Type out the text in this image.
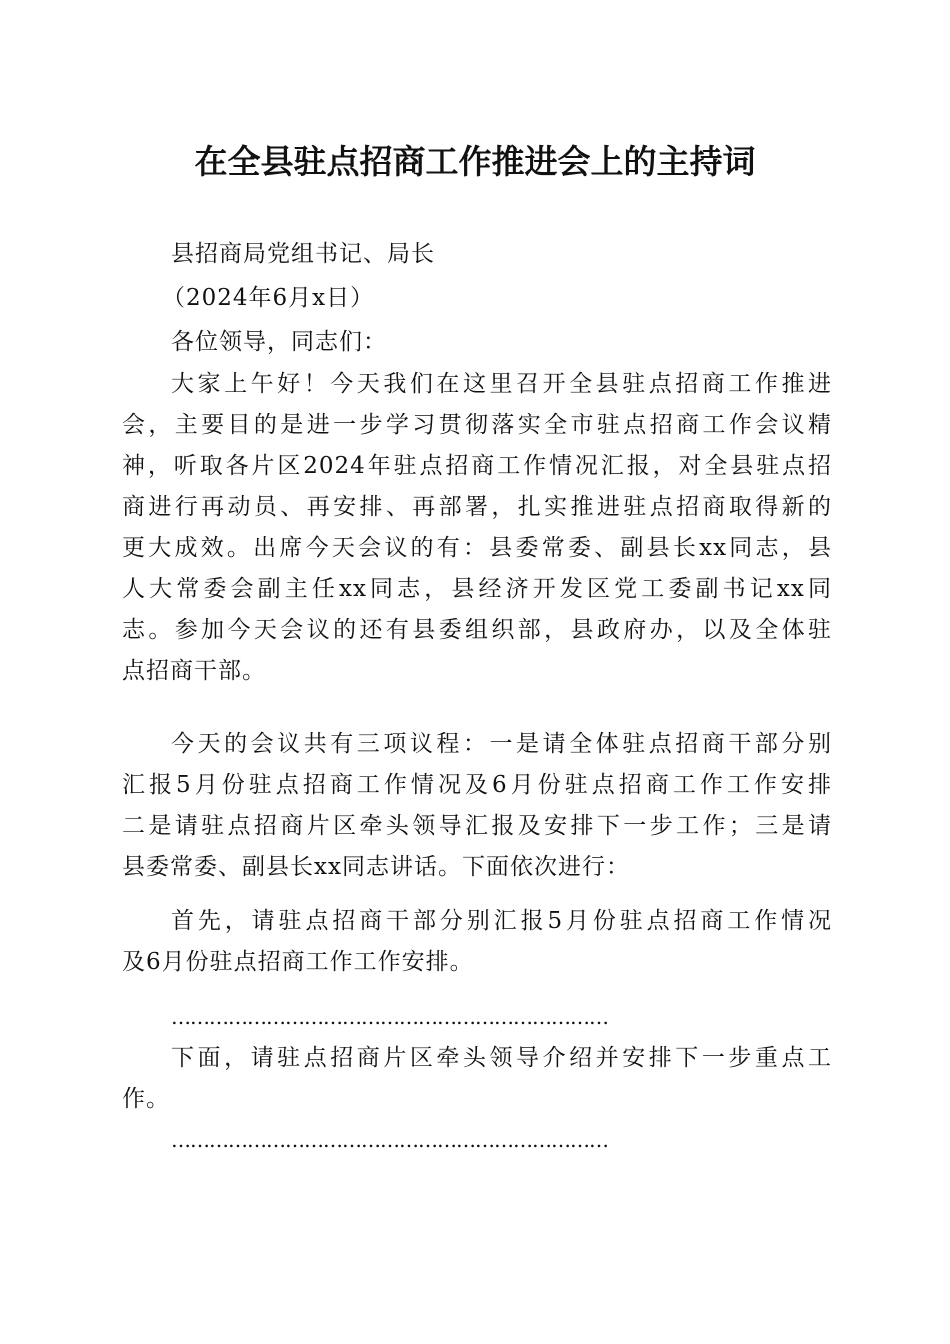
在全县驻点招商工作推进会上的主持词
县招商局党组书记、局长
（2024年6月x日）
各位领导，同志们：
大家上午好！今天我们在这里召开全县驻点招商工作推进
会，主要目的是进一步学习贯彻落实全市驻点招商工作会议精
神，听取各片区2024年驻点招商工作情况汇报，对全县驻点招
商进行再动员、再安排、再部署，扎实推进驻点招商取得新的
更大成效。出席今天会议的有：县委常委、副县长xx同志，县
人大常委会副主任xx同志，县经济开发区党工委副书记xx同
志。参加今天会议的还有县委组织部，县政府办，以及全体驻
点招商干部。
今天的会议共有三项议程：一是请全体驻点招商干部分别
汇报5月份驻点招商工作情况及6月份驻点招商工作工作安排
二是请驻点招商片区牵头领导汇报及安排下一步工作；三是请
县委常委、副县长xx同志讲话。下面依次进行：
首先，请驻点招商干部分别汇报5月份驻点招商工作情况
及6月份驻点招商工作工作安排。
……………………………………………………………
下面，请驻点招商片区牵头领导介绍并安排下一步重点工
作。
……………………………………………………………
